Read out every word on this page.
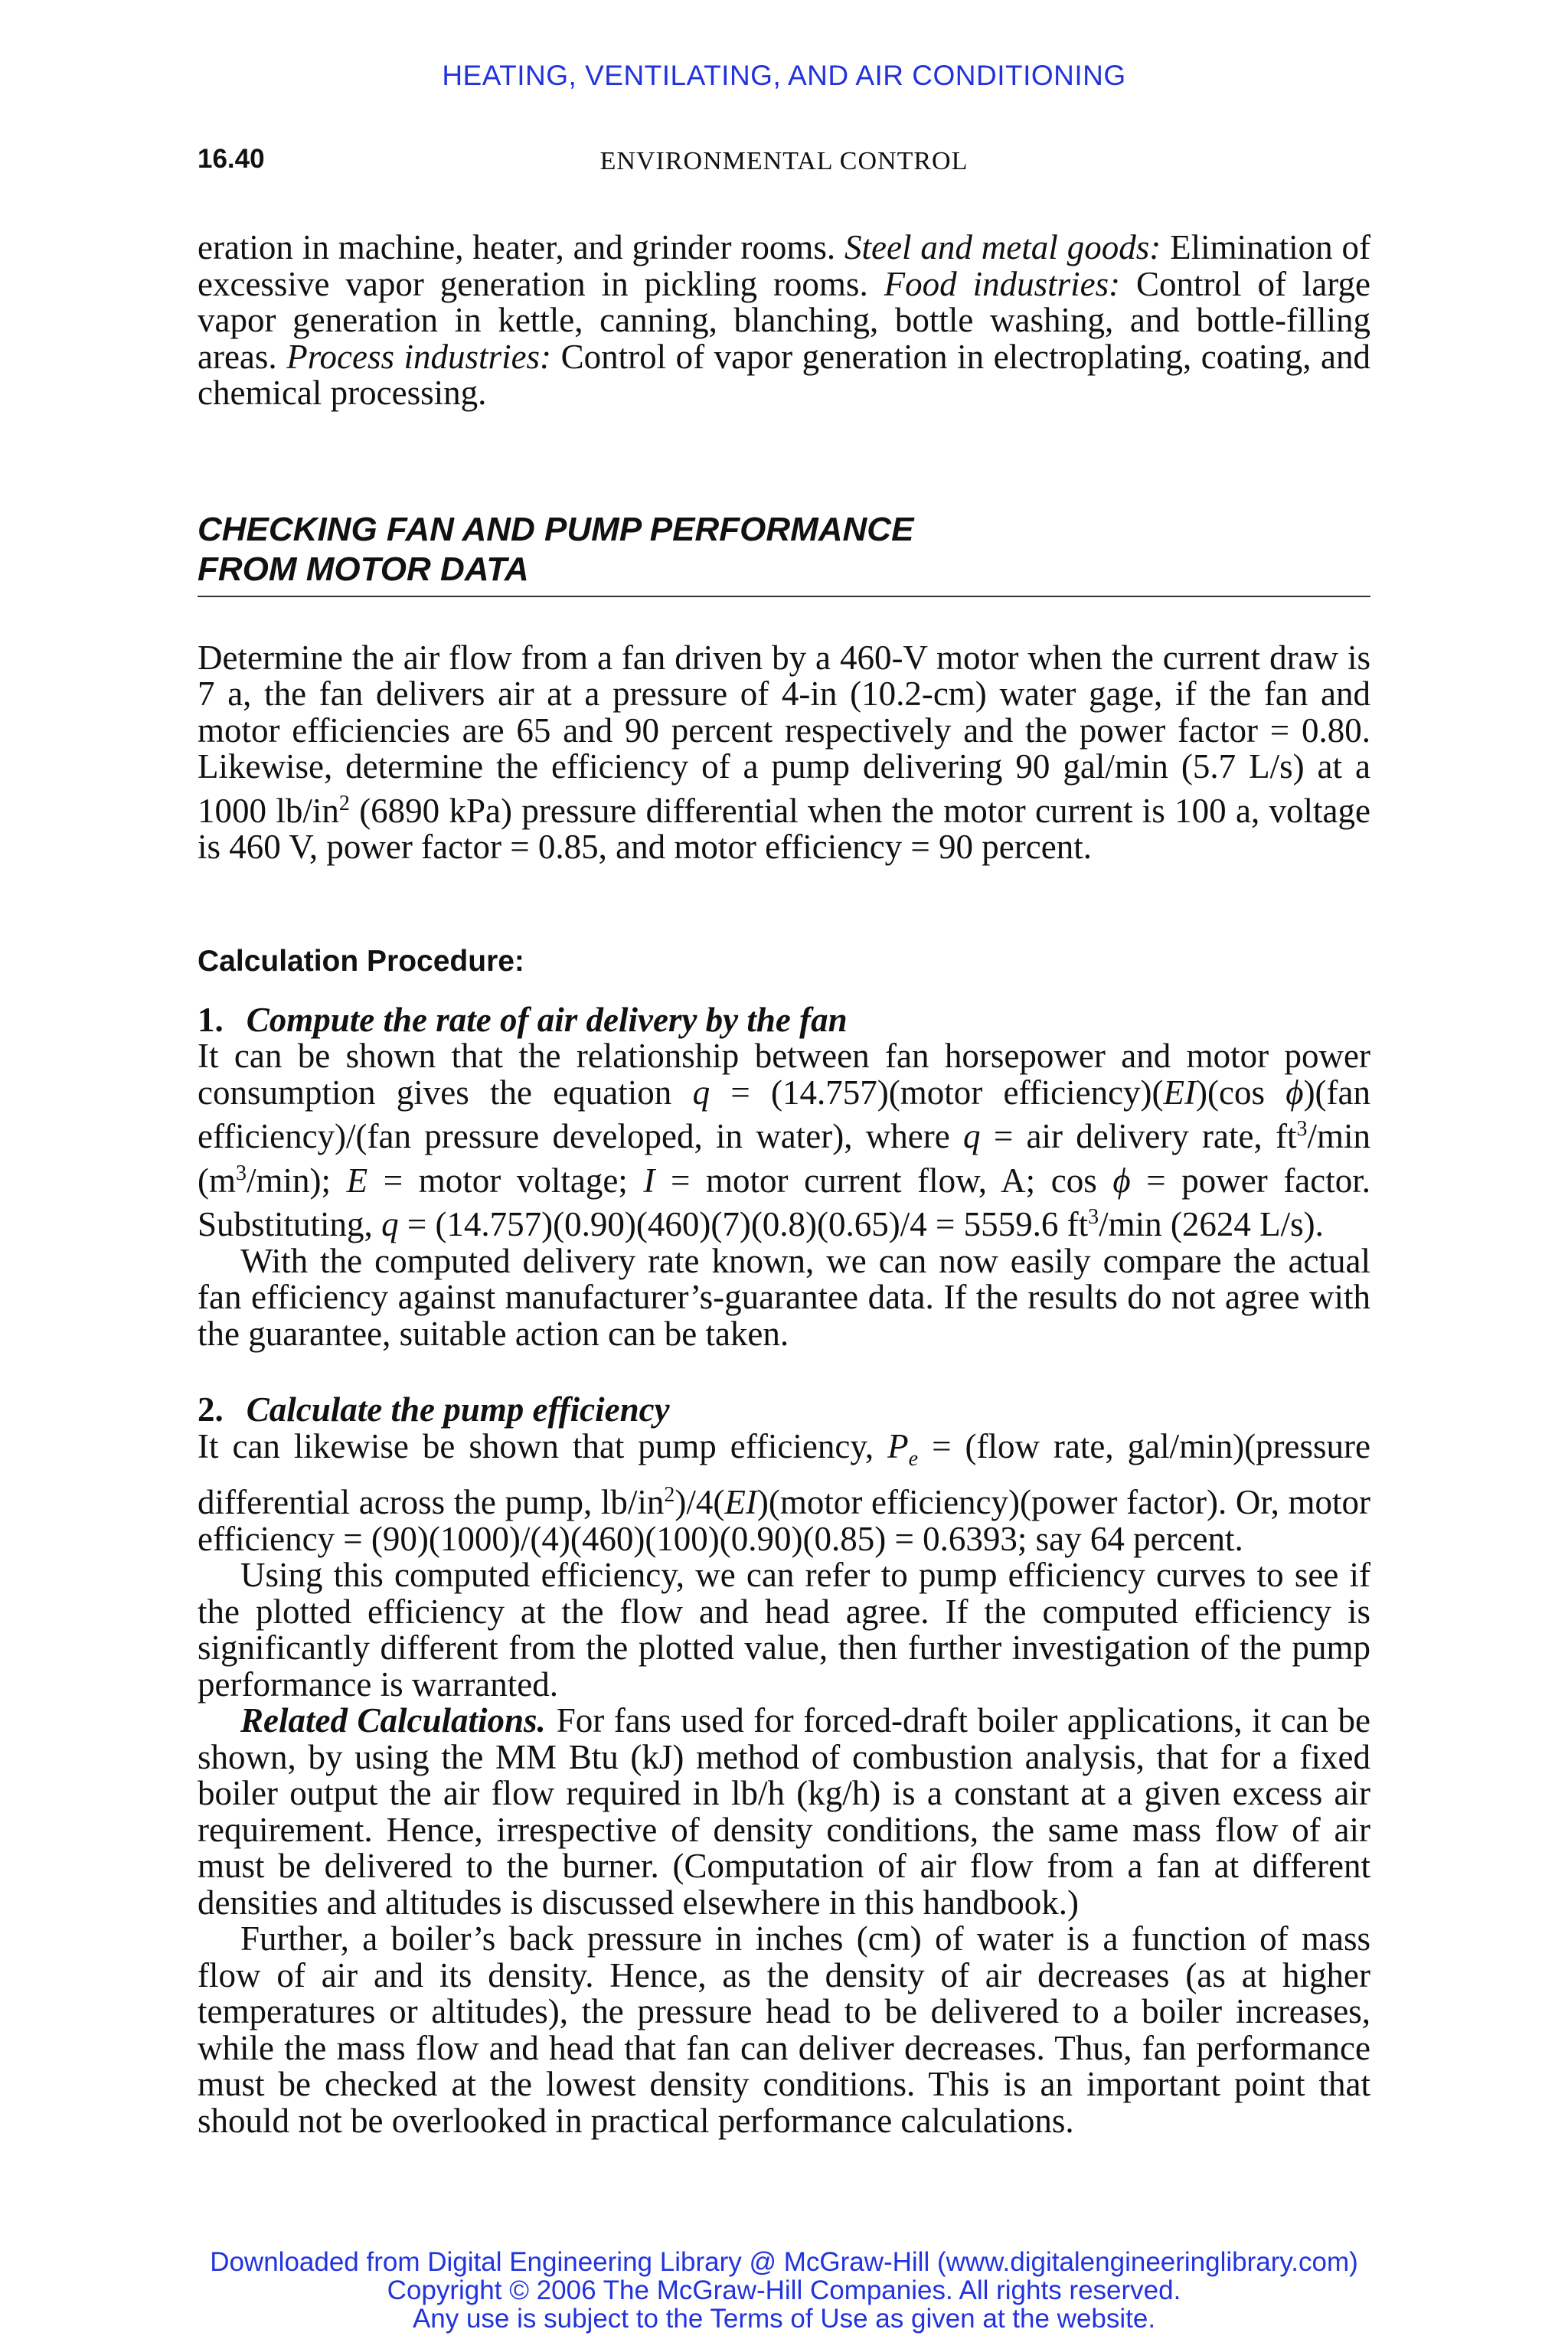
HEATING, VENTILATING, AND AIR CONDITIONING
16.40	ENVIRONMENTAL CONTROL

eration in machine, heater, and grinder rooms. Steel and metal goods: Elimination of excessive vapor generation in pickling rooms. Food industries: Control of large vapor generation in kettle, canning, blanching, bottle washing, and bottle-filling areas. Process industries: Control of vapor generation in electroplating, coating, and chemical processing.

CHECKING FAN AND PUMP PERFORMANCE
FROM MOTOR DATA

Determine the air flow from a fan driven by a 460-V motor when the current draw is 7 a, the fan delivers air at a pressure of 4-in (10.2-cm) water gage, if the fan and motor efficiencies are 65 and 90 percent respectively and the power factor = 0.80. Likewise, determine the efficiency of a pump delivering 90 gal/min (5.7 L/s) at a 1000 $lb/in^2$ (6890 kPa) pressure differential when the motor current is 100 a, voltage is 460 V, power factor = 0.85, and motor efficiency = 90 percent.

Calculation Procedure:

1. Compute the rate of air delivery by the fan

It can be shown that the relationship between fan horsepower and motor power consumption gives the equation q = (14.757)(motor efficiency)(EI)(cos ϕ)(fan efficiency)/(fan pressure developed, in water), where q = air delivery rate, $ft^3/\min$ $(m^3/\min)$; E = motor voltage; I = motor current flow, A; cos ϕ = power factor. Substituting, q = (14.757)(0.90)(460)(7)(0.8)(0.65)/4 = 5559.6 $ft^3/\min$ (2624 L/s).

With the computed delivery rate known, we can now easily compare the actual fan efficiency against manufacturer’s-guarantee data. If the results do not agree with the guarantee, suitable action can be taken.

2. Calculate the pump efficiency

It can likewise be shown that pump efficiency, $P_e$ = (flow rate, gal/min)(pressure differential across the pump, $lb/in^2)/4(EI)(motor$ efficiency)(power factor). Or, motor efficiency = (90)(1000)/(4)(460)(100)(0.90)(0.85) = 0.6393; say 64 percent.

Using this computed efficiency, we can refer to pump efficiency curves to see if the plotted efficiency at the flow and head agree. If the computed efficiency is significantly different from the plotted value, then further investigation of the pump performance is warranted.

Related Calculations. For fans used for forced-draft boiler applications, it can be shown, by using the MM Btu (kJ) method of combustion analysis, that for a fixed boiler output the air flow required in lb/h (kg/h) is a constant at a given excess air requirement. Hence, irrespective of density conditions, the same mass flow of air must be delivered to the burner. (Computation of air flow from a fan at different densities and altitudes is discussed elsewhere in this handbook.)

Further, a boiler’s back pressure in inches (cm) of water is a function of mass flow of air and its density. Hence, as the density of air decreases (as at higher temperatures or altitudes), the pressure head to be delivered to a boiler increases, while the mass flow and head that fan can deliver decreases. Thus, fan performance must be checked at the lowest density conditions. This is an important point that should not be overlooked in practical performance calculations.

Downloaded from Digital Engineering Library @ McGraw-Hill (www.digitalengineeringlibrary.com)
Copyright © 2006 The McGraw-Hill Companies. All rights reserved.
Any use is subject to the Terms of Use as given at the website.
